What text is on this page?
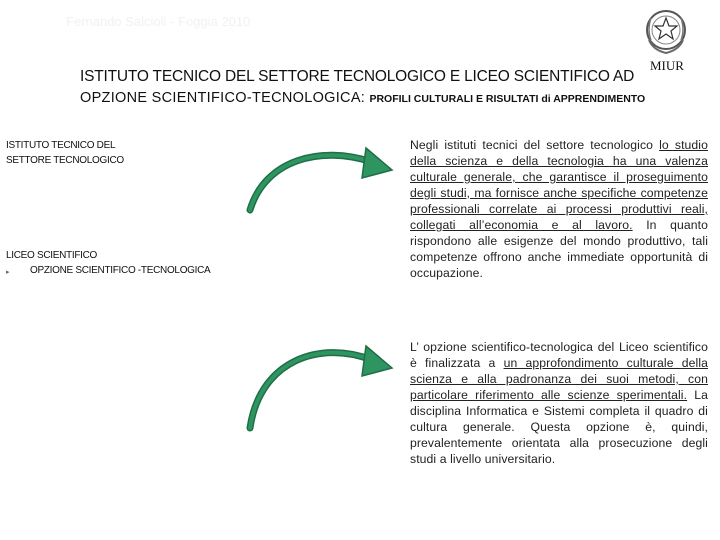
Fernando Salcioli - Foggia 2010
MIUR
ISTITUTO TECNICO DEL SETTORE TECNOLOGICO E LICEO SCIENTIFICO AD
OPZIONE SCIENTIFICO-TECNOLOGICA: PROFILI CULTURALI E RISULTATI di APPRENDIMENTO
ISTITUTO TECNICO DEL
SETTORE TECNOLOGICO
LICEO SCIENTIFICO
▸ OPZIONE SCIENTIFICO -TECNOLOGICA
Negli istituti tecnici del settore tecnologico lo studio della scienza e della tecnologia ha una valenza culturale generale, che garantisce il proseguimento degli studi, ma fornisce anche specifiche competenze professionali correlate ai processi produttivi reali, collegati all’economia e al lavoro. In quanto rispondono alle esigenze del mondo produttivo, tali competenze offrono anche immediate opportunità di occupazione.
L’ opzione scientifico-tecnologica del Liceo scientifico è finalizzata a un approfondimento culturale della scienza e alla padronanza dei suoi metodi, con particolare riferimento alle scienze sperimentali. La disciplina Informatica e Sistemi completa il quadro di cultura generale. Questa opzione è, quindi, prevalentemente orientata alla prosecuzione degli studi a livello universitario.
